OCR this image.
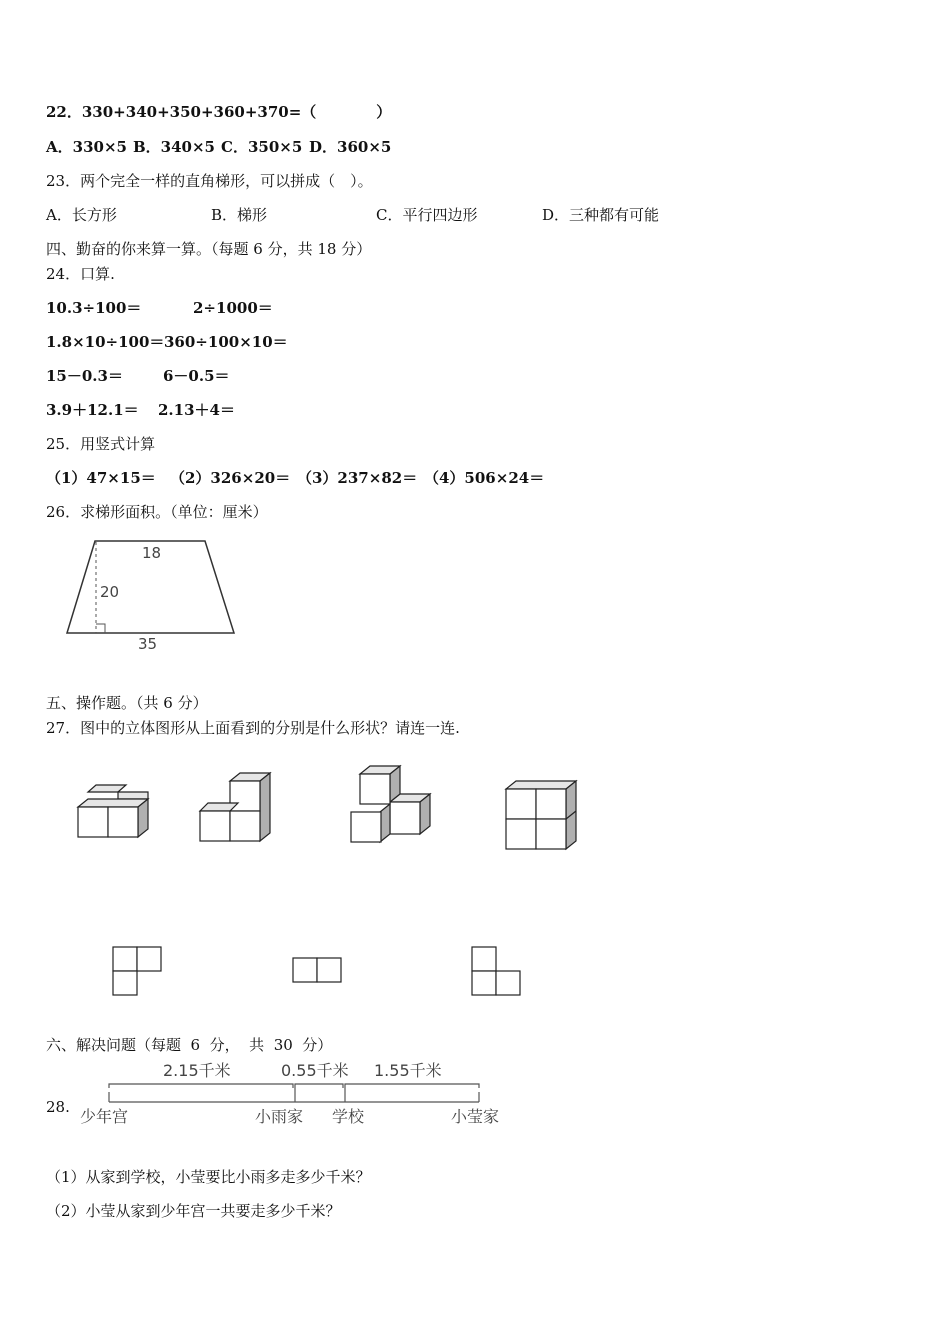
22．330+340+350+360+370=（　　　　）
A．330×5 B．340×5 C．350×5 D．360×5
23．两个完全一样的直角梯形，可以拼成（　）。
A．长方形	B．梯形	C．平行四边形	D．三种都有可能
四、勤奋的你来算一算。（每题 6 分，共 18 分）
24．口算.
10.3÷100＝	2÷1000＝
1.8×10÷100＝ 360÷100×10＝
15－0.3＝	6－0.5＝
3.9＋12.1＝ 2.13＋4＝
25．用竖式计算
（1）47×15＝ （2）326×20＝ （3）237×82＝ （4）506×24＝
26．求梯形面积。（单位：厘米）
18
20
35
五、操作题。（共 6 分）
27．图中的立体图形从上面看到的分别是什么形状？请连一连.
六、解决问题（每题  6  分，  共  30  分）
28.
2.15千米	0.55千米 1.55千米
少年宫	小雨家 学校	小莹家
（1）从家到学校，小莹要比小雨多走多少千米？
（2）小莹从家到少年宫一共要走多少千米？
